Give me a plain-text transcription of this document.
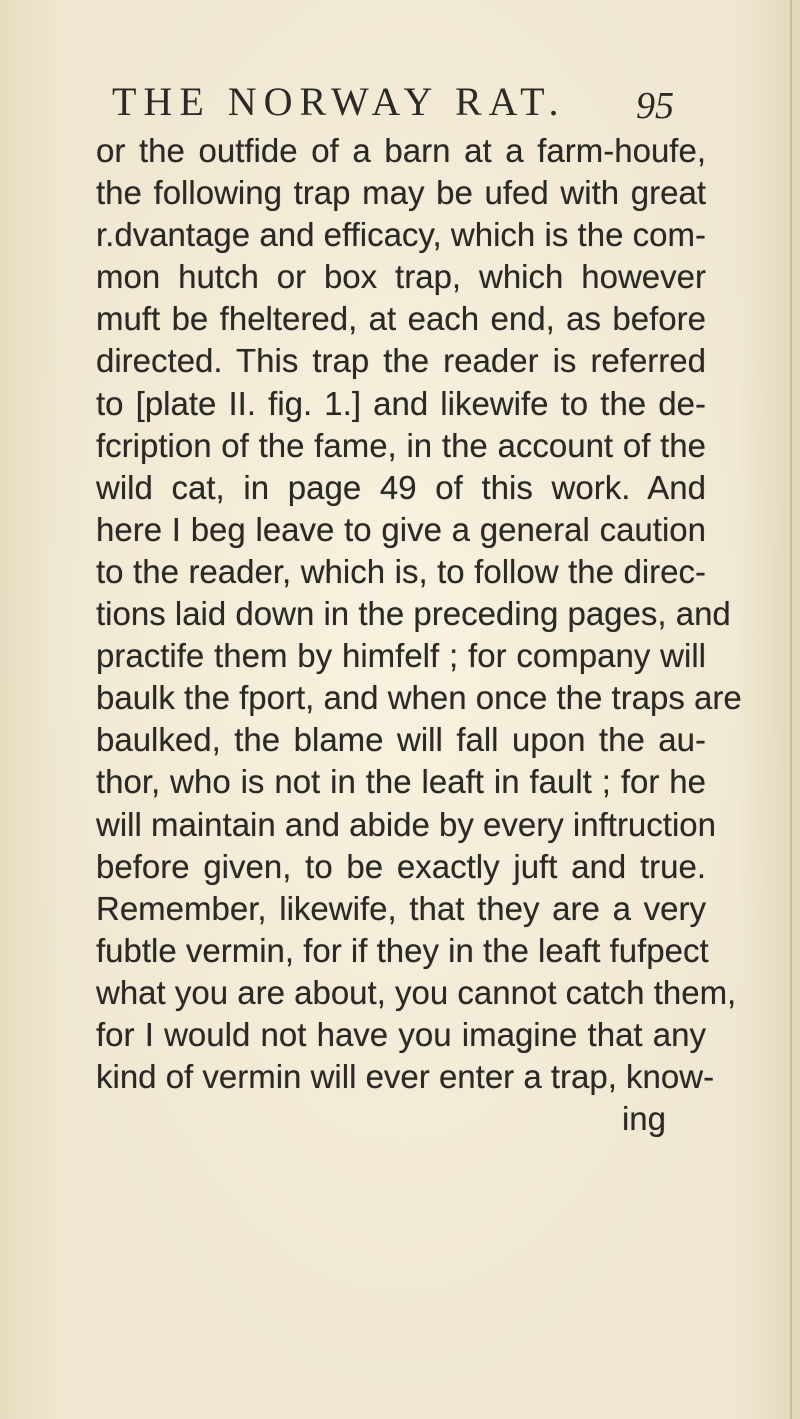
THE NORWAY RAT. 95
or the outfide of a barn at a farm-houfe,
the following trap may be ufed with great
r.dvantage and efficacy, which is the com-
mon hutch or box trap, which however
muft be fheltered, at each end, as before
directed. This trap the reader is referred
to [plate II. fig. 1.] and likewife to the de-
fcription of the fame, in the account of the
wild cat, in page 49 of this work. And
here I beg leave to give a general caution
to the reader, which is, to follow the direc-
tions laid down in the preceding pages, and
practife them by himfelf ; for company will
baulk the fport, and when once the traps are
baulked, the blame will fall upon the au-
thor, who is not in the leaft in fault ; for he
will maintain and abide by every inftruction
before given, to be exactly juft and true.
Remember, likewife, that they are a very
fubtle vermin, for if they in the leaft fufpect
what you are about, you cannot catch them,
for I would not have you imagine that any
kind of vermin will ever enter a trap, know-
ing
